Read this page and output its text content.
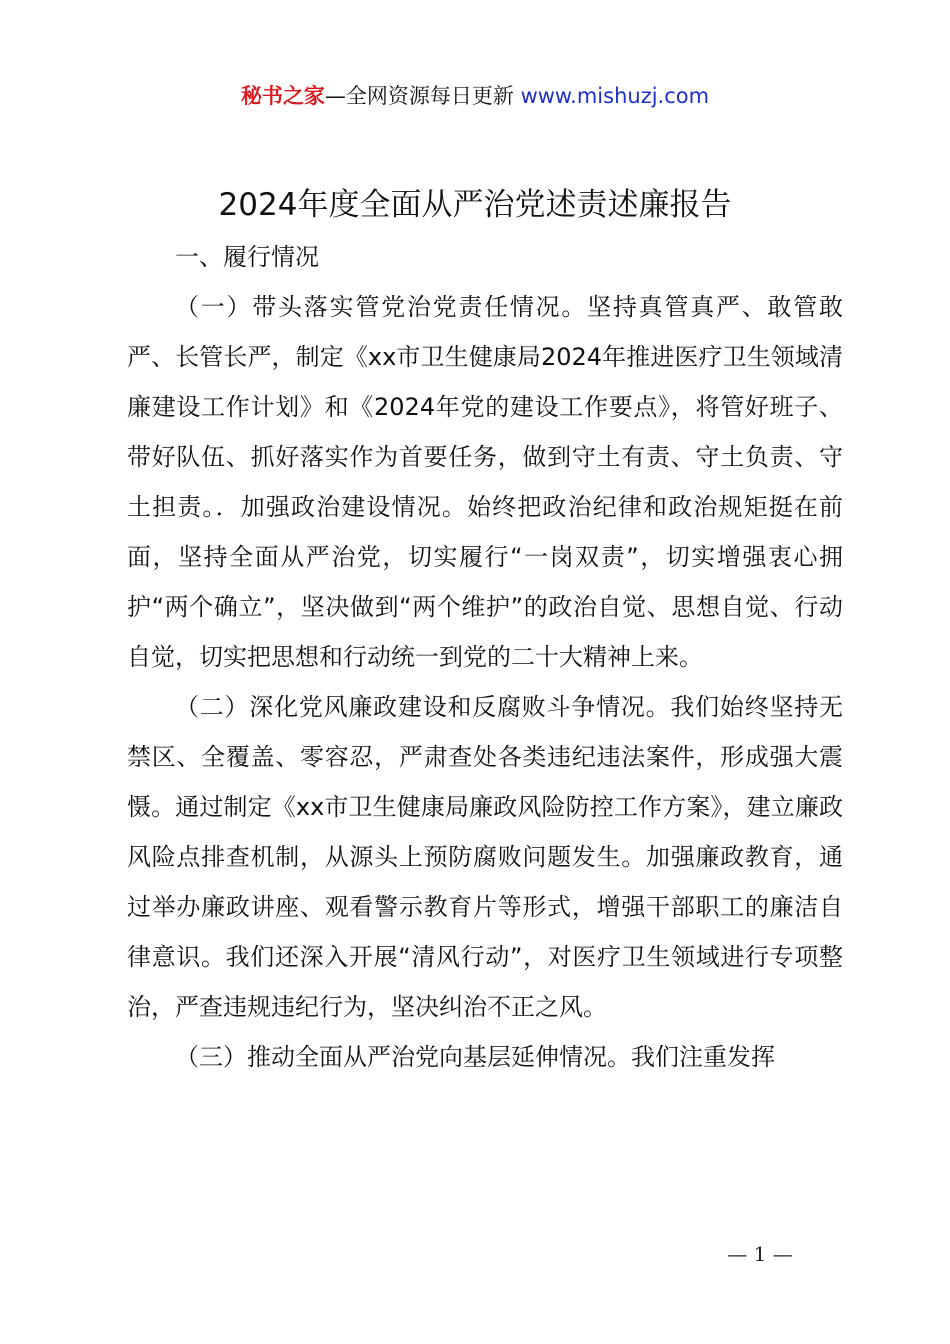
秘书之家—全网资源每日更新 www.mishuzj.com
2024年度全面从严治党述责述廉报告

一、履行情况

（一）带头落实管党治党责任情况。坚持真管真严、敢管敢严、长管长严，制定《xx市卫生健康局2024年推进医疗卫生领域清廉建设工作计划》和《2024年党的建设工作要点》，将管好班子、带好队伍、抓好落实作为首要任务，做到守土有责、守土负责、守土担责。．加强政治建设情况。始终把政治纪律和政治规矩挺在前面，坚持全面从严治党，切实履行“一岗双责”，切实增强衷心拥护“两个确立”，坚决做到“两个维护”的政治自觉、思想自觉、行动自觉，切实把思想和行动统一到党的二十大精神上来。

（二）深化党风廉政建设和反腐败斗争情况。我们始终坚持无禁区、全覆盖、零容忍，严肃查处各类违纪违法案件，形成强大震慑。通过制定《xx市卫生健康局廉政风险防控工作方案》，建立廉政风险点排查机制，从源头上预防腐败问题发生。加强廉政教育，通过举办廉政讲座、观看警示教育片等形式，增强干部职工的廉洁自律意识。我们还深入开展“清风行动”，对医疗卫生领域进行专项整治，严查违规违纪行为，坚决纠治不正之风。

（三）推动全面从严治党向基层延伸情况。我们注重发挥

— 1 —
